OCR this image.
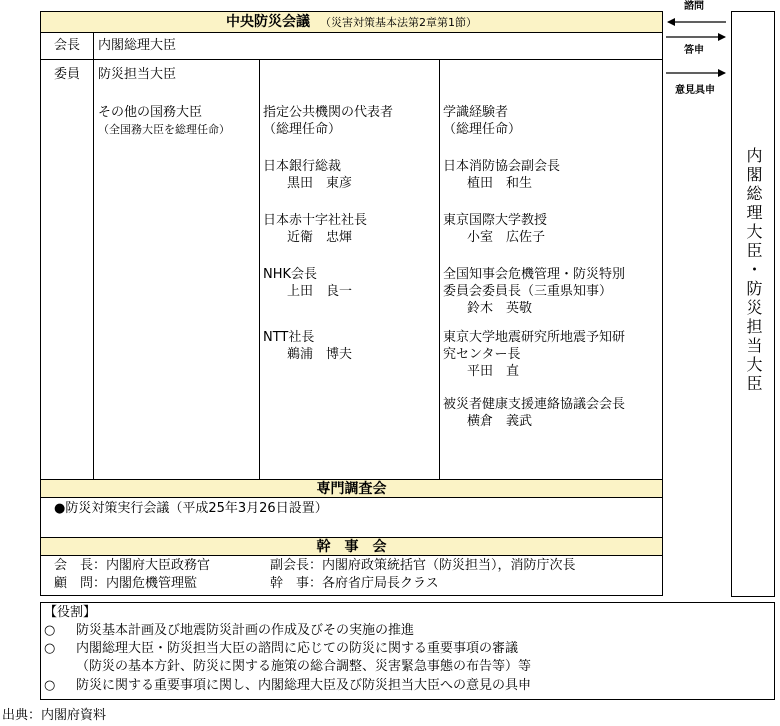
中央防災会議 （災害対策基本法第2章第1節）
会長 内閣総理大臣
委員 防災担当大臣
その他の国務大臣
（全国務大臣を総理任命）
指定公共機関の代表者
（総理任命）
日本銀行総裁
黒田　東彦
日本赤十字社社長
近衛　忠煇
NHK会長
上田　良一
NTT社長
鵜浦　博夫
学識経験者
（総理任命）
日本消防協会副会長
植田　和生
東京国際大学教授
小室　広佐子
全国知事会危機管理・防災特別
委員会委員長（三重県知事）
鈴木　英敬
東京大学地震研究所地震予知研
究センター長
平田　直
被災者健康支援連絡協議会会長
横倉　義武
専門調査会
●防災対策実行会議（平成25年3月26日設置）
幹　事　会
会　長：内閣府大臣政務官	副会長：内閣府政策統括官（防災担当），消防庁次長
顧　問：内閣危機管理監	幹　事：各府省庁局長クラス
内閣総理大臣・防災担当大臣
諮問
答申
意見具申
【役割】
○ 防災基本計画及び地震防災計画の作成及びその実施の推進
○ 内閣総理大臣・防災担当大臣の諮問に応じての防災に関する重要事項の審議
（防災の基本方針、防災に関する施策の総合調整、災害緊急事態の布告等）等
○ 防災に関する重要事項に関し、内閣総理大臣及び防災担当大臣への意見の具申
出典：内閣府資料
